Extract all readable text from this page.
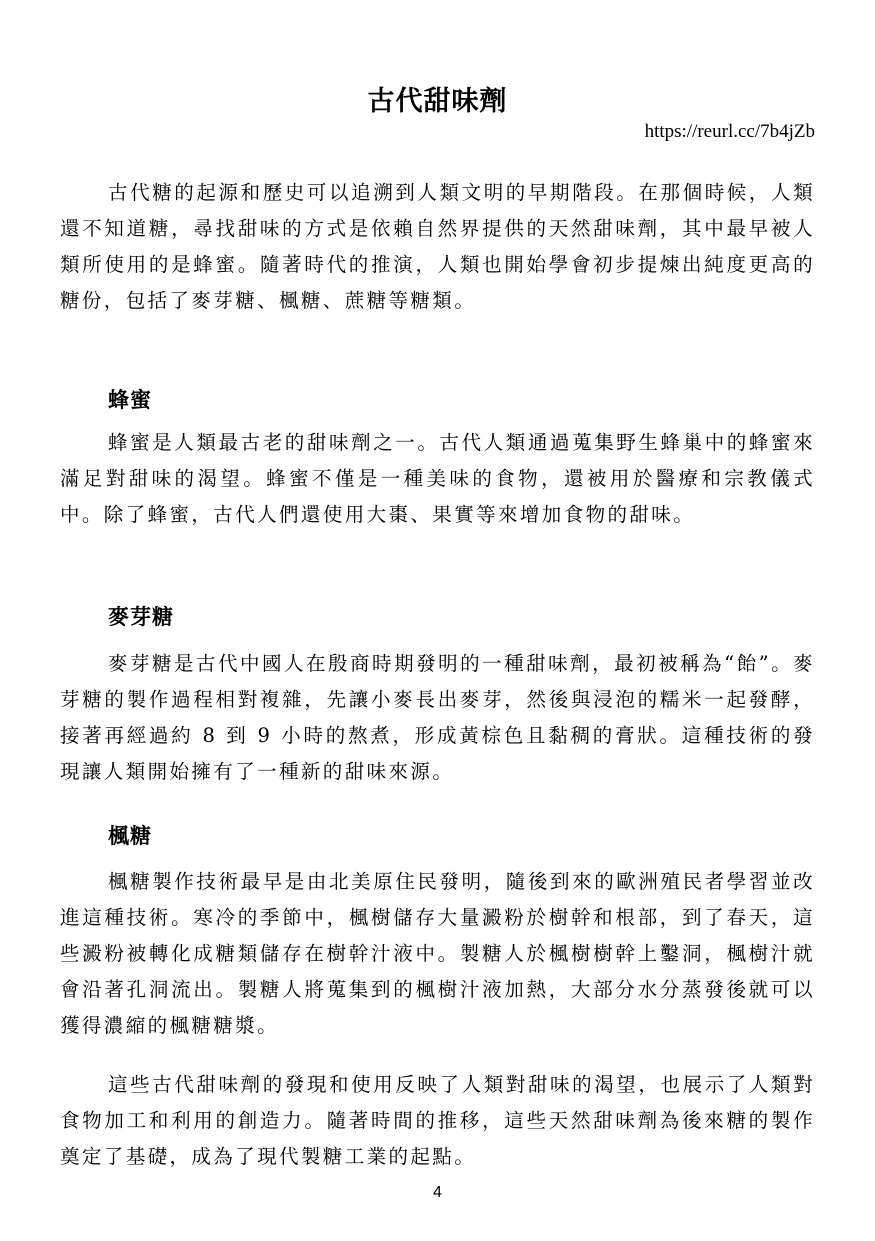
古代甜味劑
https://reurl.cc/7b4jZb

古代糖的起源和歷史可以追溯到人類文明的早期階段。在那個時候，人類還不知道糖，尋找甜味的方式是依賴自然界提供的天然甜味劑，其中最早被人類所使用的是蜂蜜。隨著時代的推演，人類也開始學會初步提煉出純度更高的糖份，包括了麥芽糖、楓糖、蔗糖等糖類。

蜂蜜

蜂蜜是人類最古老的甜味劑之一。古代人類通過蒐集野生蜂巢中的蜂蜜來滿足對甜味的渴望。蜂蜜不僅是一種美味的食物，還被用於醫療和宗教儀式中。除了蜂蜜，古代人們還使用大棗、果實等來增加食物的甜味。

麥芽糖

麥芽糖是古代中國人在殷商時期發明的一種甜味劑，最初被稱為“飴”。麥芽糖的製作過程相對複雜，先讓小麥長出麥芽，然後與浸泡的糯米一起發酵，接著再經過約 8 到 9 小時的熬煮，形成黃棕色且黏稠的膏狀。這種技術的發現讓人類開始擁有了一種新的甜味來源。

楓糖

楓糖製作技術最早是由北美原住民發明，隨後到來的歐洲殖民者學習並改進這種技術。寒冷的季節中，楓樹儲存大量澱粉於樹幹和根部，到了春天，這些澱粉被轉化成糖類儲存在樹幹汁液中。製糖人於楓樹樹幹上鑿洞，楓樹汁就會沿著孔洞流出。製糖人將蒐集到的楓樹汁液加熱，大部分水分蒸發後就可以獲得濃縮的楓糖糖漿。

這些古代甜味劑的發現和使用反映了人類對甜味的渴望，也展示了人類對食物加工和利用的創造力。隨著時間的推移，這些天然甜味劑為後來糖的製作奠定了基礎，成為了現代製糖工業的起點。

4
